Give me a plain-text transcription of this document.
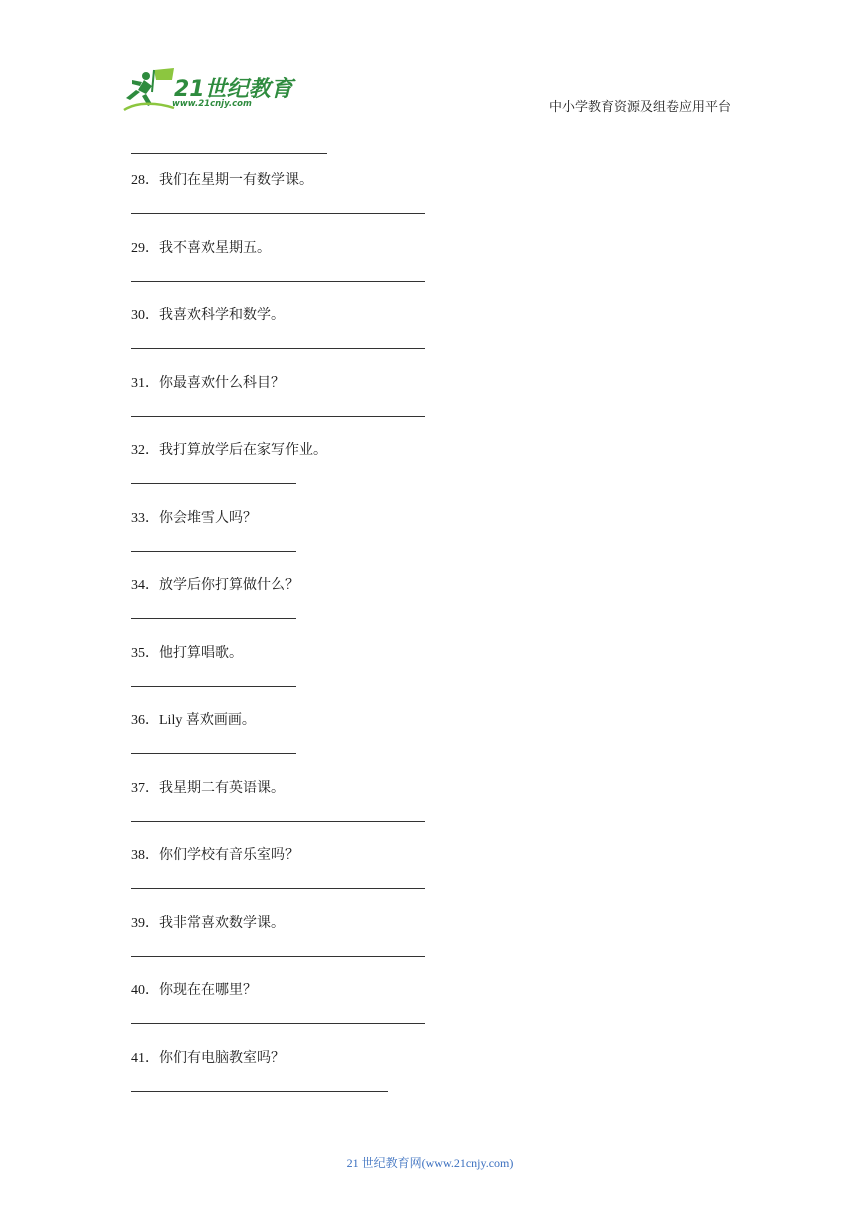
21世纪教育
www.21cnjy.com	中小学教育资源及组卷应用平台
28．我们在星期一有数学课。
29．我不喜欢星期五。
30．我喜欢科学和数学。
31．你最喜欢什么科目？
32．我打算放学后在家写作业。
33．你会堆雪人吗？
34．放学后你打算做什么？
35．他打算唱歌。
36．Lily 喜欢画画。
37．我星期二有英语课。
38．你们学校有音乐室吗？
39．我非常喜欢数学课。
40．你现在在哪里？
41．你们有电脑教室吗？
21 世纪教育网(www.21cnjy.com)
